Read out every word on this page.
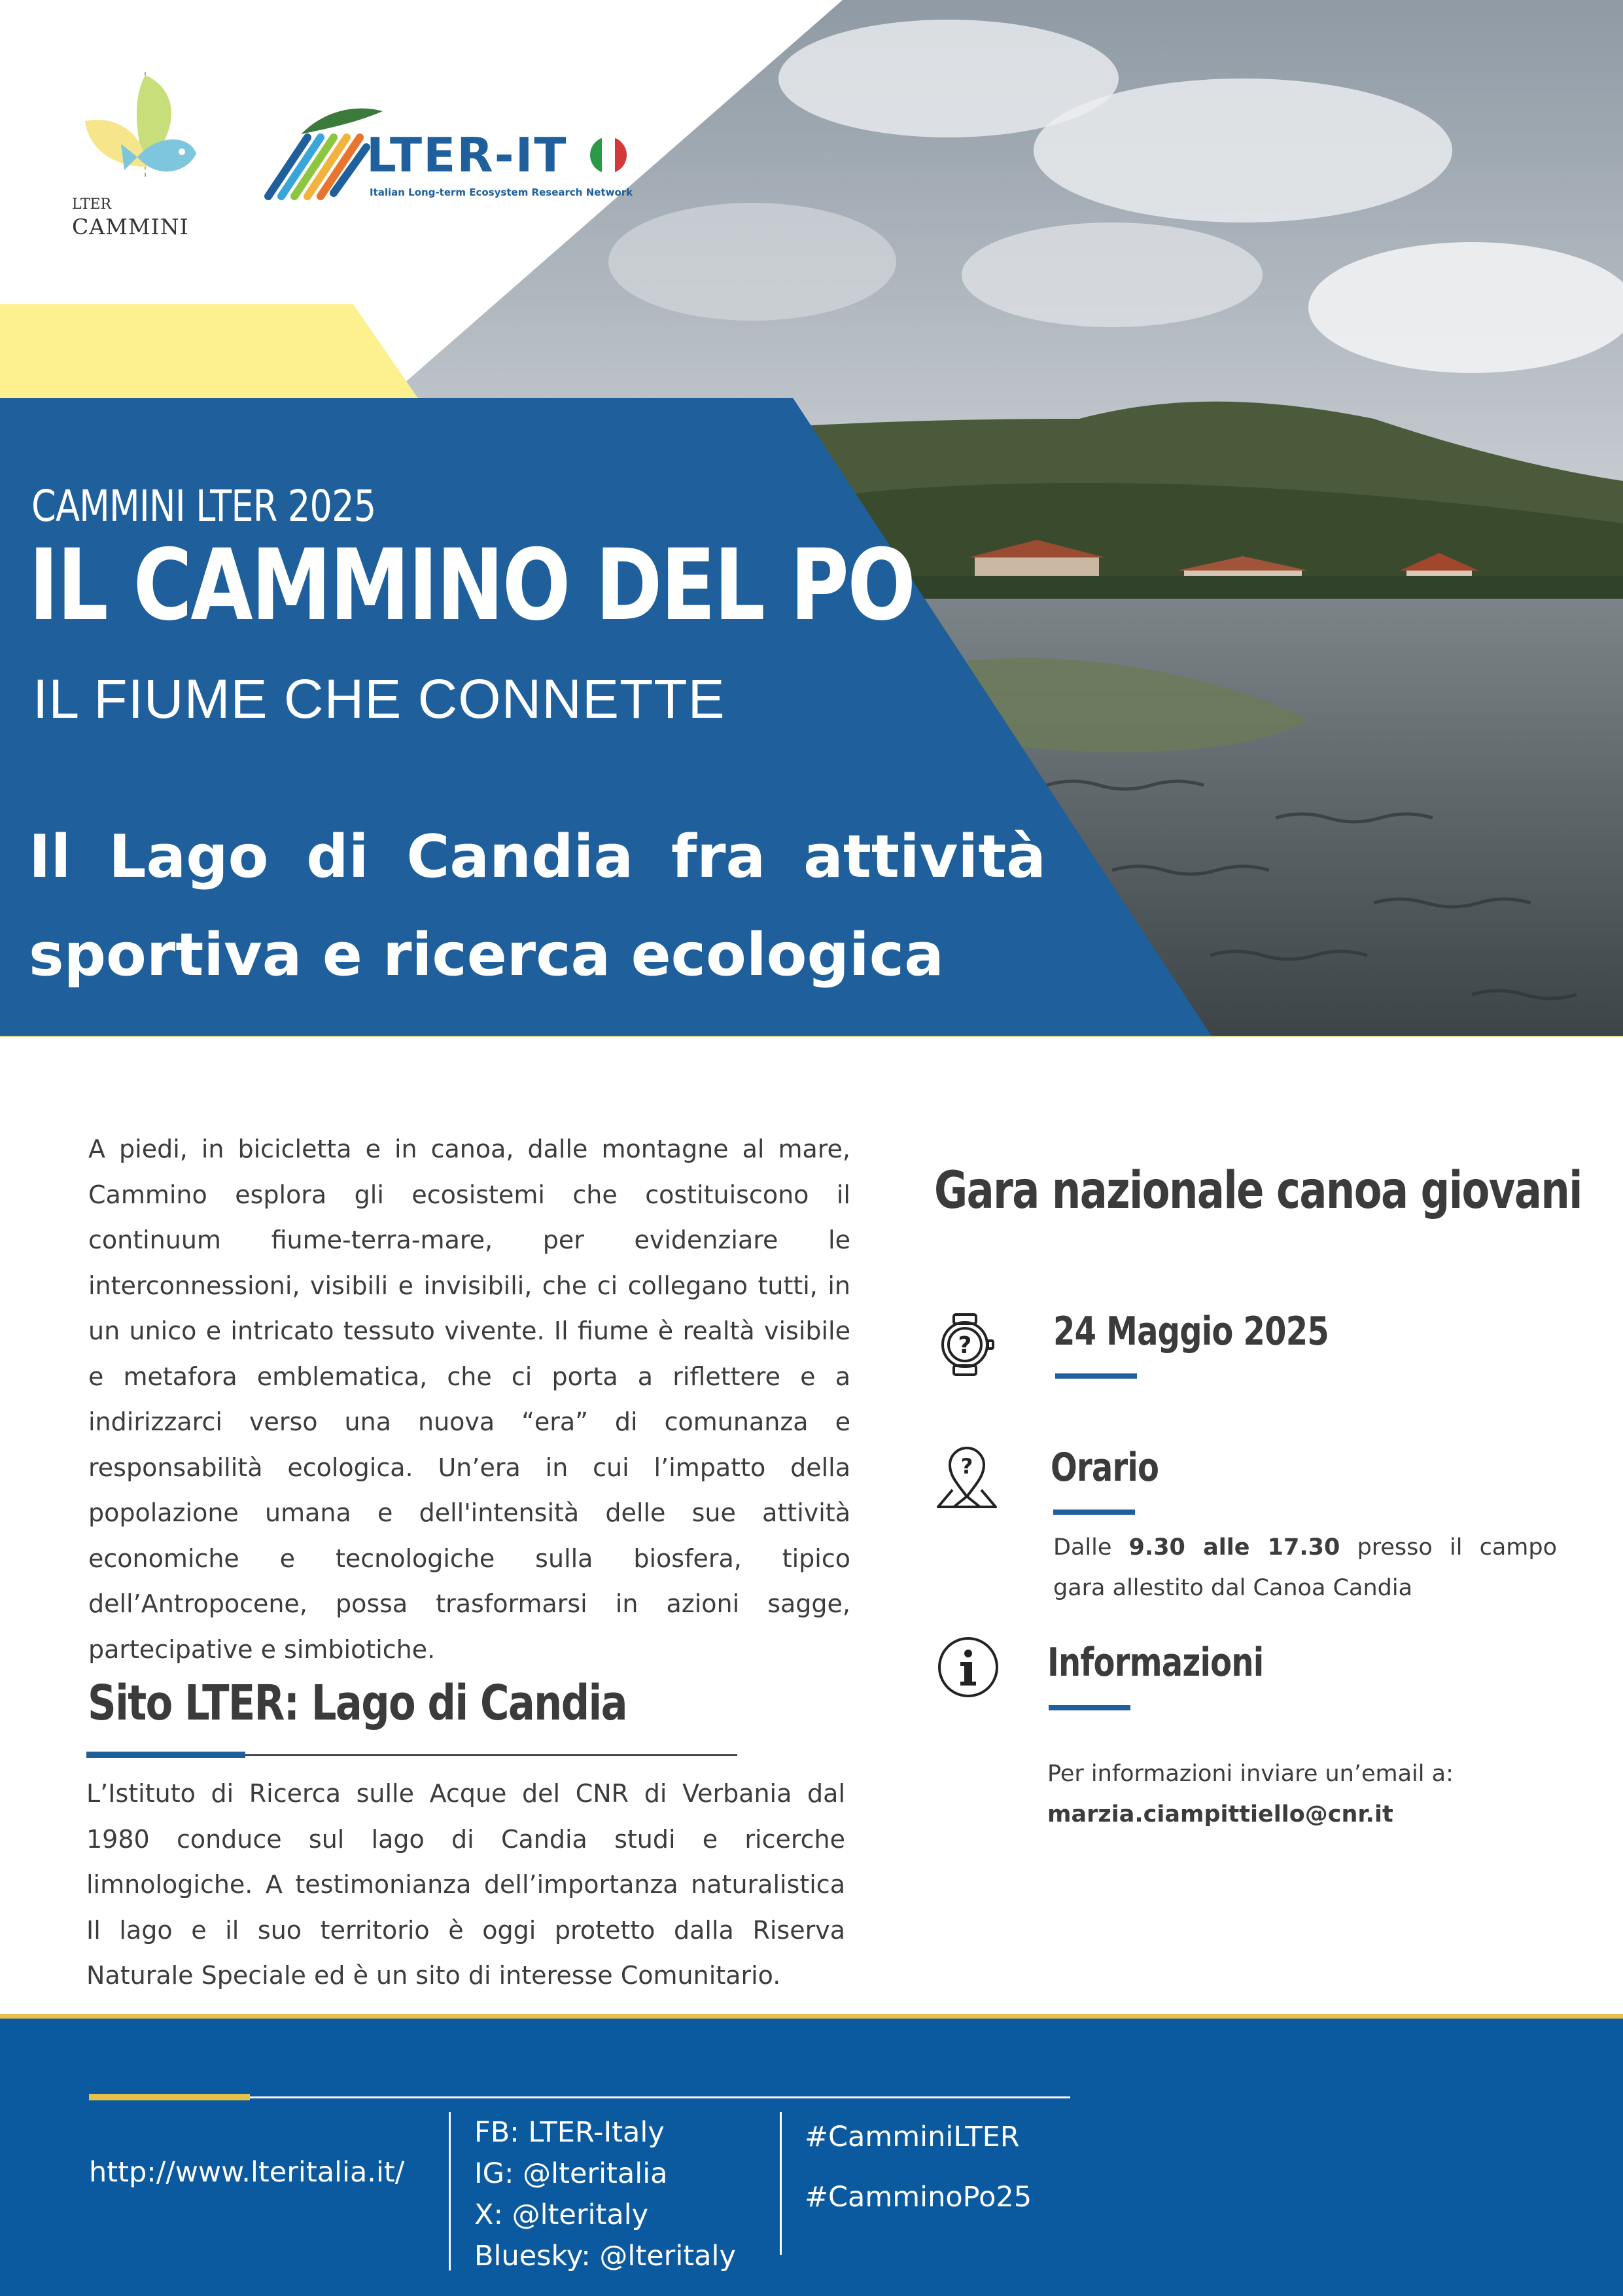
LTER
CAMMINI
LTER-IT
Italian Long-term Ecosystem Research Network
CAMMINI LTER 2025
IL CAMMINO DEL PO
IL FIUME CHE CONNETTE
Il Lago di Candia fra attività sportiva e ricerca ecologica
A piedi, in bicicletta e in canoa, dalle montagne al mare, Cammino esplora gli ecosistemi che costituiscono il continuum fiume-terra-mare, per evidenziare le interconnessioni, visibili e invisibili, che ci collegano tutti, in un unico e intricato tessuto vivente. Il fiume è realtà visibile e metafora emblematica, che ci porta a riflettere e a indirizzarci verso una nuova “era” di comunanza e responsabilità ecologica. Un’era in cui l’impatto della popolazione umana e dell'intensità delle sue attività economiche e tecnologiche sulla biosfera, tipico dell’Antropocene, possa trasformarsi in azioni sagge, partecipative e simbiotiche.
Sito LTER: Lago di Candia
L’Istituto di Ricerca sulle Acque del CNR di Verbania dal 1980 conduce sul lago di Candia studi e ricerche limnologiche. A testimonianza dell’importanza naturalistica Il lago e il suo territorio è oggi protetto dalla Riserva Naturale Speciale ed è un sito di interesse Comunitario.
Gara nazionale canoa giovani
? 24 Maggio 2025
? Orario
Dalle 9.30 alle 17.30 presso il campo gara allestito dal Canoa Candia
Informazioni
Per informazioni inviare un’email a:
marzia.ciampittiello@cnr.it
http://www.lteritalia.it/
FB: LTER-Italy
IG: @lteritalia
X: @lteritaly
Bluesky: @lteritaly
#CamminiLTER
#CamminoPo25
